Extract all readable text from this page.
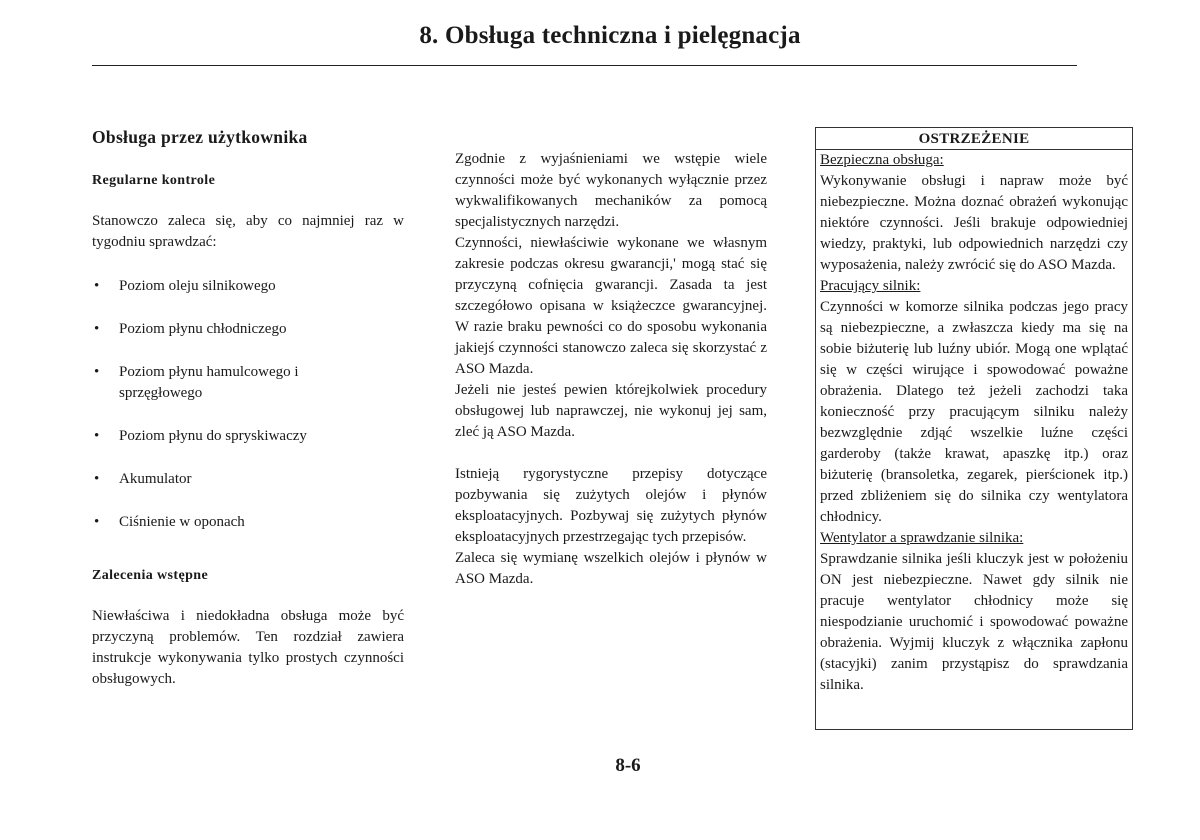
8. Obsługa techniczna i pielęgnacja
Obsługa przez użytkownika
Regularne kontrole

Stanowczo zaleca się, aby co najmniej raz w tygodniu sprawdzać:

• Poziom oleju silnikowego
• Poziom płynu chłodniczego
• Poziom płynu hamulcowego i sprzęgłowego
• Poziom płynu do spryskiwaczy
• Akumulator
• Ciśnienie w oponach
Zalecenia wstępne

Niewłaściwa i niedokładna obsługa może być przyczyną problemów. Ten rozdział zawiera instrukcje wykonywania tylko prostych czynności obsługowych.

Zgodnie z wyjaśnieniami we wstępie wiele czynności może być wykonanych wyłącznie przez wykwalifikowanych mechaników za pomocą specjalistycznych narzędzi.

Czynności, niewłaściwie wykonane we własnym zakresie podczas okresu gwarancji,' mogą stać się przyczyną cofnięcia gwarancji. Zasada ta jest szczegółowo opisana w książeczce gwarancyjnej. W razie braku pewności co do sposobu wykonania jakiejś czynności stanowczo zaleca się skorzystać z ASO Mazda.

Jeżeli nie jesteś pewien którejkolwiek procedury obsługowej lub naprawczej, nie wykonuj jej sam, zleć ją ASO Mazda.

Istnieją rygorystyczne przepisy dotyczące pozbywania się zużytych olejów i płynów eksploatacyjnych. Pozbywaj się zużytych płynów eksploatacyjnych przestrzegając tych przepisów.

Zaleca się wymianę wszelkich olejów i płynów w ASO Mazda.

OSTRZEŻENIE
Bezpieczna obsługa:

Wykonywanie obsługi i napraw może być niebezpieczne. Można doznać obrażeń wykonując niektóre czynności. Jeśli brakuje odpowiedniej wiedzy, praktyki, lub odpowiednich narzędzi czy wyposażenia, należy zwrócić się do ASO Mazda.

Pracujący silnik:

Czynności w komorze silnika podczas jego pracy są niebezpieczne, a zwłaszcza kiedy ma się na sobie biżuterię lub luźny ubiór. Mogą one wplątać się w części wirujące i spowodować poważne obrażenia. Dlatego też jeżeli zachodzi taka konieczność przy pracującym silniku należy bezwzględnie zdjąć wszelkie luźne części garderoby (także krawat, apaszkę itp.) oraz biżuterię (bransoletka, zegarek, pierścionek itp.) przed zbliżeniem się do silnika czy wentylatora chłodnicy.

Wentylator a sprawdzanie silnika:

Sprawdzanie silnika jeśli kluczyk jest w położeniu ON jest niebezpieczne. Nawet gdy silnik nie pracuje wentylator chłodnicy może się niespodzianie uruchomić i spowodować poważne obrażenia. Wyjmij kluczyk z włącznika zapłonu (stacyjki) zanim przystąpisz do sprawdzania silnika.

8-6
